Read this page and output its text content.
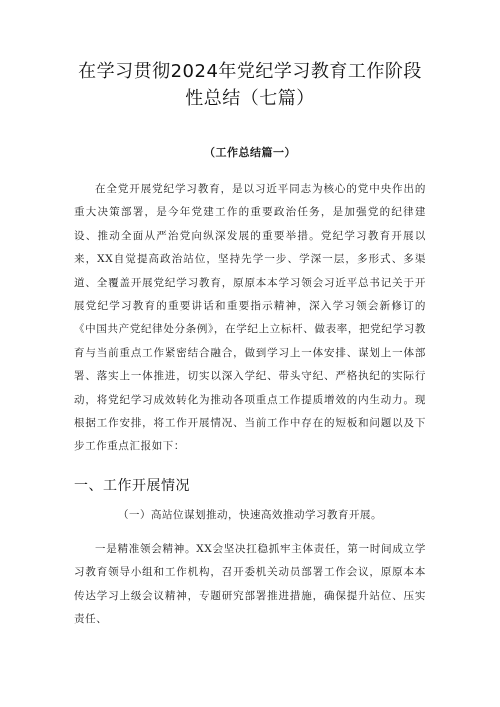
在学习贯彻2024年党纪学习教育工作阶段
性总结（七篇）
（工作总结篇一）

在全党开展党纪学习教育，是以习近平同志为核心的党中央作出的重大决策部署，是今年党建工作的重要政治任务，是加强党的纪律建设、推动全面从严治党向纵深发展的重要举措。党纪学习教育开展以来，XX自觉提高政治站位，坚持先学一步、学深一层，多形式、多渠道、全覆盖开展党纪学习教育，原原本本学习领会习近平总书记关于开展党纪学习教育的重要讲话和重要指示精神，深入学习领会新修订的《中国共产党纪律处分条例》，在学纪上立标杆、做表率，把党纪学习教育与当前重点工作紧密结合融合，做到学习上一体安排、谋划上一体部署、落实上一体推进，切实以深入学纪、带头守纪、严格执纪的实际行动，将党纪学习成效转化为推动各项重点工作提质增效的内生动力。现根据工作安排，将工作开展情况、当前工作中存在的短板和问题以及下步工作重点汇报如下：

一、工作开展情况
（一）高站位谋划推动，快速高效推动学习教育开展。

一是精准领会精神。XX会坚决扛稳抓牢主体责任，第一时间成立学习教育领导小组和工作机构，召开委机关动员部署工作会议，原原本本传达学习上级会议精神，专题研究部署推进措施，确保提升站位、压实责任、
